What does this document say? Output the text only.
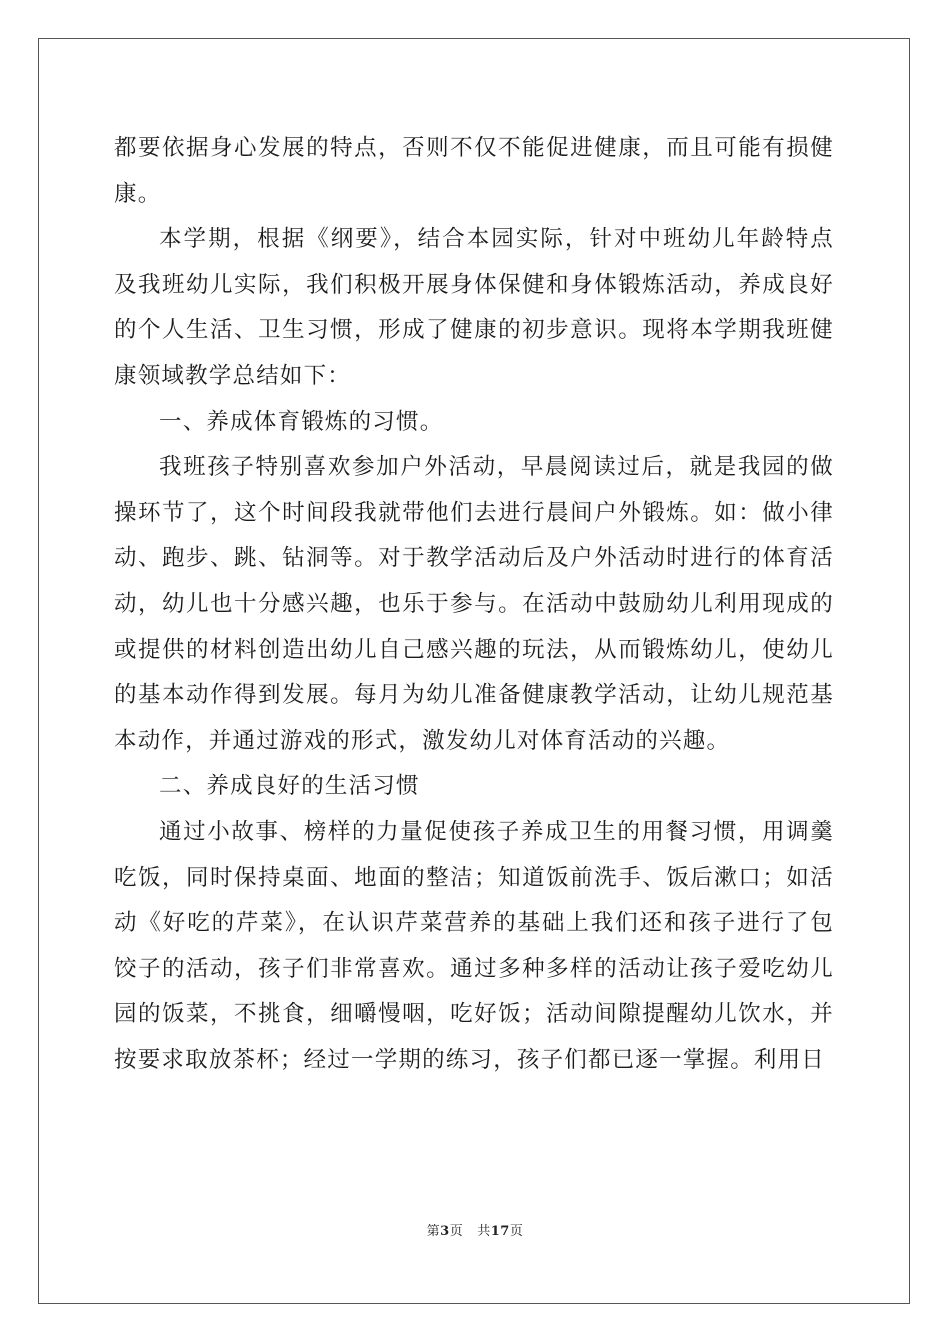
都要依据身心发展的特点，否则不仅不能促进健康，而且可能有损健康。

本学期，根据《纲要》，结合本园实际，针对中班幼儿年龄特点及我班幼儿实际，我们积极开展身体保健和身体锻炼活动，养成良好的个人生活、卫生习惯，形成了健康的初步意识。现将本学期我班健康领域教学总结如下：

一、养成体育锻炼的习惯。

我班孩子特别喜欢参加户外活动，早晨阅读过后，就是我园的做操环节了，这个时间段我就带他们去进行晨间户外锻炼。如：做小律动、跑步、跳、钻洞等。对于教学活动后及户外活动时进行的体育活动，幼儿也十分感兴趣，也乐于参与。在活动中鼓励幼儿利用现成的或提供的材料创造出幼儿自己感兴趣的玩法，从而锻炼幼儿，使幼儿的基本动作得到发展。每月为幼儿准备健康教学活动，让幼儿规范基本动作，并通过游戏的形式，激发幼儿对体育活动的兴趣。

二、养成良好的生活习惯

通过小故事、榜样的力量促使孩子养成卫生的用餐习惯，用调羹吃饭，同时保持桌面、地面的整洁；知道饭前洗手、饭后漱口；如活动《好吃的芹菜》，在认识芹菜营养的基础上我们还和孩子进行了包饺子的活动，孩子们非常喜欢。通过多种多样的活动让孩子爱吃幼儿园的饭菜，不挑食，细嚼慢咽，吃好饭；活动间隙提醒幼儿饮水，并按要求取放茶杯；经过一学期的练习，孩子们都已逐一掌握。利用日

第3页 共17页
